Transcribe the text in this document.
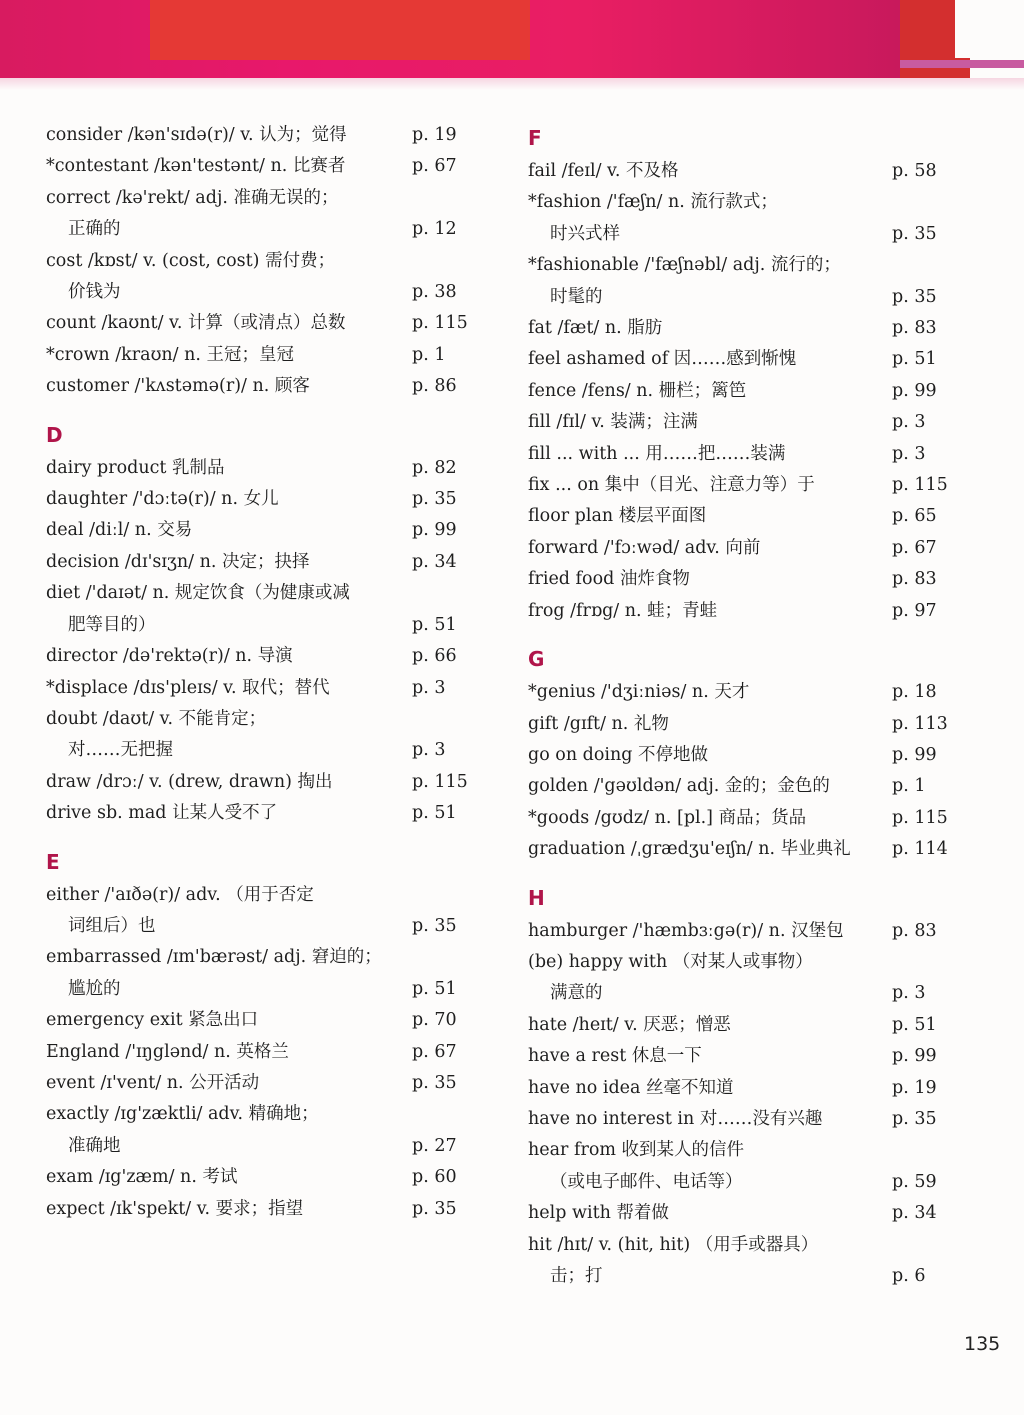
consider /kən'sɪdə(r)/ v. 认为；觉得	p. 19
*contestant /kən'testənt/ n. 比赛者	p. 67
correct /kə'rekt/ adj. 准确无误的；
正确的	p. 12
cost /kɒst/ v. (cost, cost) 需付费；
价钱为	p. 38
count /kaʊnt/ v. 计算（或清点）总数	p. 115
*crown /kraʊn/ n. 王冠；皇冠	p. 1
customer /'kʌstəmə(r)/ n. 顾客	p. 86
D
dairy product 乳制品	p. 82
daughter /'dɔːtə(r)/ n. 女儿	p. 35
deal /diːl/ n. 交易	p. 99
decision /dɪ'sɪʒn/ n. 决定；抉择	p. 34
diet /'daɪət/ n. 规定饮食（为健康或减
肥等目的）	p. 51
director /də'rektə(r)/ n. 导演	p. 66
*displace /dɪs'pleɪs/ v. 取代；替代	p. 3
doubt /daʊt/ v. 不能肯定；
对……无把握	p. 3
draw /drɔː/ v. (drew, drawn) 掏出	p. 115
drive sb. mad 让某人受不了	p. 51
E
either /'aɪðə(r)/ adv. （用于否定
词组后）也	p. 35
embarrassed /ɪm'bærəst/ adj. 窘迫的；
尴尬的	p. 51
emergency exit 紧急出口	p. 70
England /'ɪŋglənd/ n. 英格兰	p. 67
event /ɪ'vent/ n. 公开活动	p. 35
exactly /ɪg'zæktli/ adv. 精确地；
准确地	p. 27
exam /ɪg'zæm/ n. 考试	p. 60
expect /ɪk'spekt/ v. 要求；指望	p. 35
F
fail /feɪl/ v. 不及格	p. 58
*fashion /'fæʃn/ n. 流行款式；
时兴式样	p. 35
*fashionable /'fæʃnəbl/ adj. 流行的；
时髦的	p. 35
fat /fæt/ n. 脂肪	p. 83
feel ashamed of 因……感到惭愧	p. 51
fence /fens/ n. 栅栏；篱笆	p. 99
fill /fɪl/ v. 装满；注满	p. 3
fill ... with ... 用……把……装满	p. 3
fix ... on 集中（目光、注意力等）于	p. 115
floor plan 楼层平面图	p. 65
forward /'fɔːwəd/ adv. 向前	p. 67
fried food 油炸食物	p. 83
frog /frɒg/ n. 蛙；青蛙	p. 97
G
*genius /'dʒiːniəs/ n. 天才	p. 18
gift /gɪft/ n. 礼物	p. 113
go on doing 不停地做	p. 99
golden /'gəʊldən/ adj. 金的；金色的	p. 1
*goods /gʊdz/ n. [pl.] 商品；货品	p. 115
graduation /ˌgrædʒu'eɪʃn/ n. 毕业典礼	p. 114
H
hamburger /'hæmbɜːgə(r)/ n. 汉堡包	p. 83
(be) happy with （对某人或事物）
满意的	p. 3
hate /heɪt/ v. 厌恶；憎恶	p. 51
have a rest 休息一下	p. 99
have no idea 丝毫不知道	p. 19
have no interest in 对……没有兴趣	p. 35
hear from 收到某人的信件
（或电子邮件、电话等）	p. 59
help with 帮着做	p. 34
hit /hɪt/ v. (hit, hit) （用手或器具）
击；打	p. 6
135
